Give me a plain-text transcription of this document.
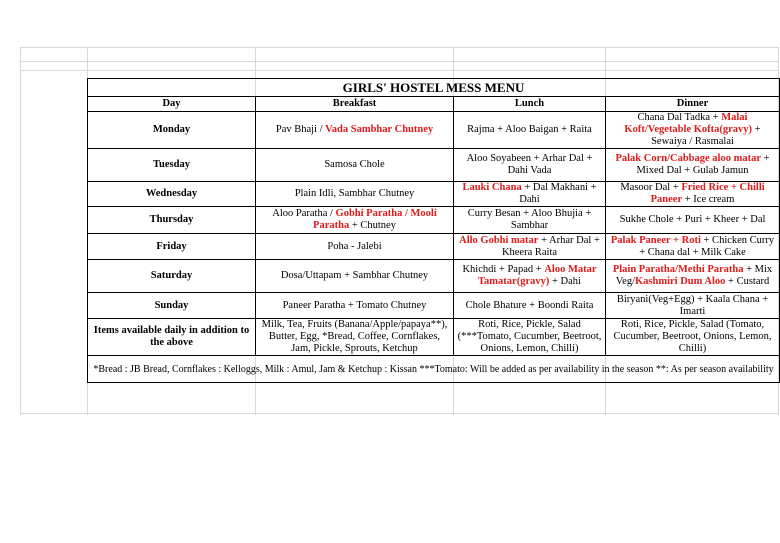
GIRLS' HOSTEL MESS MENU			
Day	Breakfast	Lunch	Dinner
Monday	Pav Bhaji / Vada Sambhar Chutney	Rajma + Aloo Baigan + Raita	Chana Dal Tadka + Malai Koft/Vegetable Kofta(gravy) + Sewaiya / Rasmalai
Tuesday	Samosa Chole	Aloo Soyabeen + Arhar Dal + Dahi Vada	Palak Corn/Cabbage aloo matar + Mixed Dal + Gulab Jamun
Wednesday	Plain Idli, Sambhar Chutney	Lauki Chana + Dal Makhani + Dahi	Masoor Dal + Fried Rice + Chilli Paneer + Ice cream
Thursday	Aloo Paratha / Gobhi Paratha / Mooli Paratha + Chutney	Curry Besan + Aloo Bhujia + Sambhar	Sukhe Chole + Puri + Kheer + Dal
Friday	Poha - Jalebi	Allo Gobhi matar + Arhar Dal + Kheera Raita	Palak Paneer + Roti + Chicken Curry + Chana dal + Milk Cake
Saturday	Dosa/Uttapam + Sambhar Chutney	Khichdi + Papad + Aloo Matar Tamatar(gravy) + Dahi	Plain Paratha/Methi Paratha + Mix Veg/Kashmiri Dum Aloo + Custard
Sunday	Paneer Paratha + Tomato Chutney	Chole Bhature + Boondi Raita	Biryani(Veg+Egg) + Kaala Chana + Imarti
Items available daily in addition to the above	Milk, Tea, Fruits (Banana/Apple/papaya**), Butter, Egg, *Bread, Coffee, Cornflakes, Jam, Pickle, Sprouts, Ketchup	Roti, Rice, Pickle, Salad (***Tomato, Cucumber, Beetroot, Onions, Lemon, Chilli)	Roti, Rice, Pickle, Salad (Tomato, Cucumber, Beetroot, Onions, Lemon, Chilli)
*Bread : JB Bread, Cornflakes : Kelloggs, Milk : Amul, Jam & Ketchup : Kissan ***Tomato: Will be added as per availability in the season **: As per season availability			
